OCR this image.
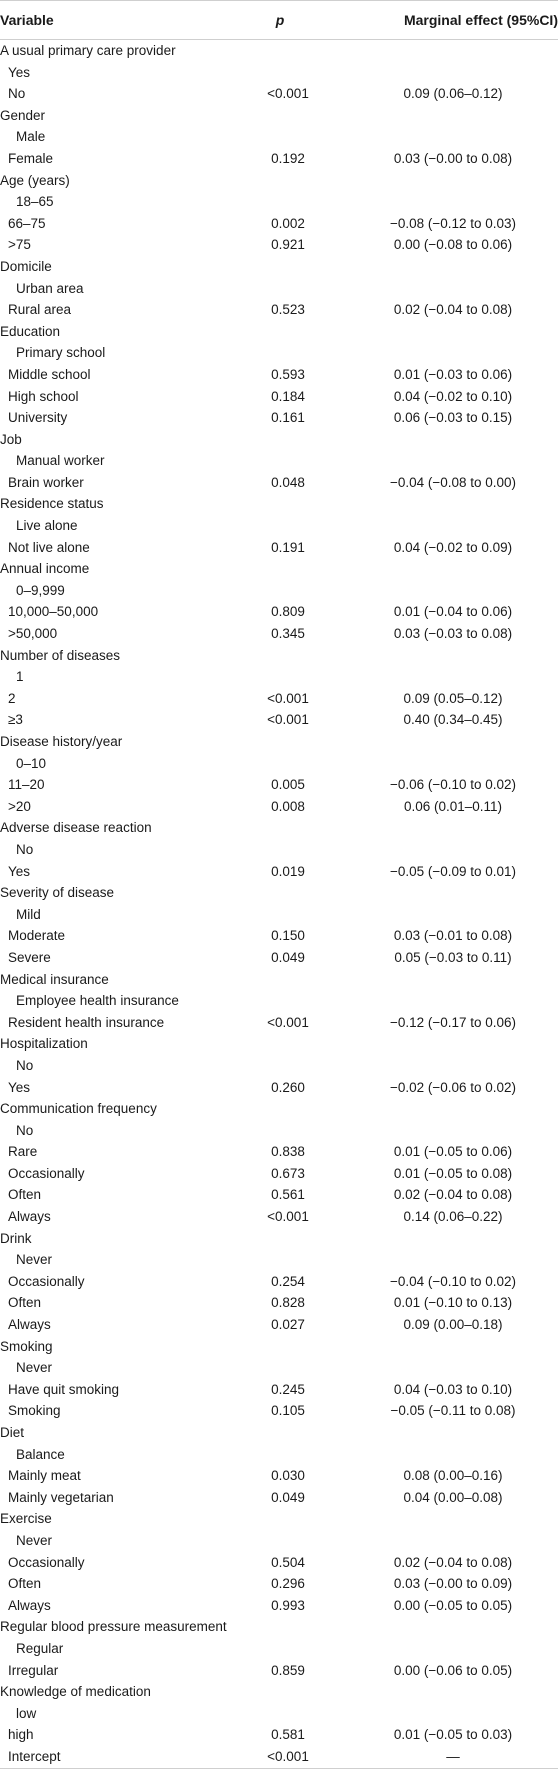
Variable	p	Marginal effect (95%CI)
A usual primary care provider
Yes
No	<0.001	0.09 (0.06–0.12)
Gender
Male
Female	0.192	0.03 (−0.00 to 0.08)
Age (years)
18–65
66–75	0.002	−0.08 (−0.12 to 0.03)
>75	0.921	0.00 (−0.08 to 0.06)
Domicile
Urban area
Rural area	0.523	0.02 (−0.04 to 0.08)
Education
Primary school
Middle school	0.593	0.01 (−0.03 to 0.06)
High school	0.184	0.04 (−0.02 to 0.10)
University	0.161	0.06 (−0.03 to 0.15)
Job
Manual worker
Brain worker	0.048	−0.04 (−0.08 to 0.00)
Residence status
Live alone
Not live alone	0.191	0.04 (−0.02 to 0.09)
Annual income
0–9,999
10,000–50,000	0.809	0.01 (−0.04 to 0.06)
>50,000	0.345	0.03 (−0.03 to 0.08)
Number of diseases
1
2	<0.001	0.09 (0.05–0.12)
≥3	<0.001	0.40 (0.34–0.45)
Disease history/year
0–10
11–20	0.005	−0.06 (−0.10 to 0.02)
>20	0.008	0.06 (0.01–0.11)
Adverse disease reaction
No
Yes	0.019	−0.05 (−0.09 to 0.01)
Severity of disease
Mild
Moderate	0.150	0.03 (−0.01 to 0.08)
Severe	0.049	0.05 (−0.03 to 0.11)
Medical insurance
Employee health insurance
Resident health insurance	<0.001	−0.12 (−0.17 to 0.06)
Hospitalization
No
Yes	0.260	−0.02 (−0.06 to 0.02)
Communication frequency
No
Rare	0.838	0.01 (−0.05 to 0.06)
Occasionally	0.673	0.01 (−0.05 to 0.08)
Often	0.561	0.02 (−0.04 to 0.08)
Always	<0.001	0.14 (0.06–0.22)
Drink
Never
Occasionally	0.254	−0.04 (−0.10 to 0.02)
Often	0.828	0.01 (−0.10 to 0.13)
Always	0.027	0.09 (0.00–0.18)
Smoking
Never
Have quit smoking	0.245	0.04 (−0.03 to 0.10)
Smoking	0.105	−0.05 (−0.11 to 0.08)
Diet
Balance
Mainly meat	0.030	0.08 (0.00–0.16)
Mainly vegetarian	0.049	0.04 (0.00–0.08)
Exercise
Never
Occasionally	0.504	0.02 (−0.04 to 0.08)
Often	0.296	0.03 (−0.00 to 0.09)
Always	0.993	0.00 (−0.05 to 0.05)
Regular blood pressure measurement
Regular
Irregular	0.859	0.00 (−0.06 to 0.05)
Knowledge of medication
low
high	0.581	0.01 (−0.05 to 0.03)
Intercept	<0.001	—
